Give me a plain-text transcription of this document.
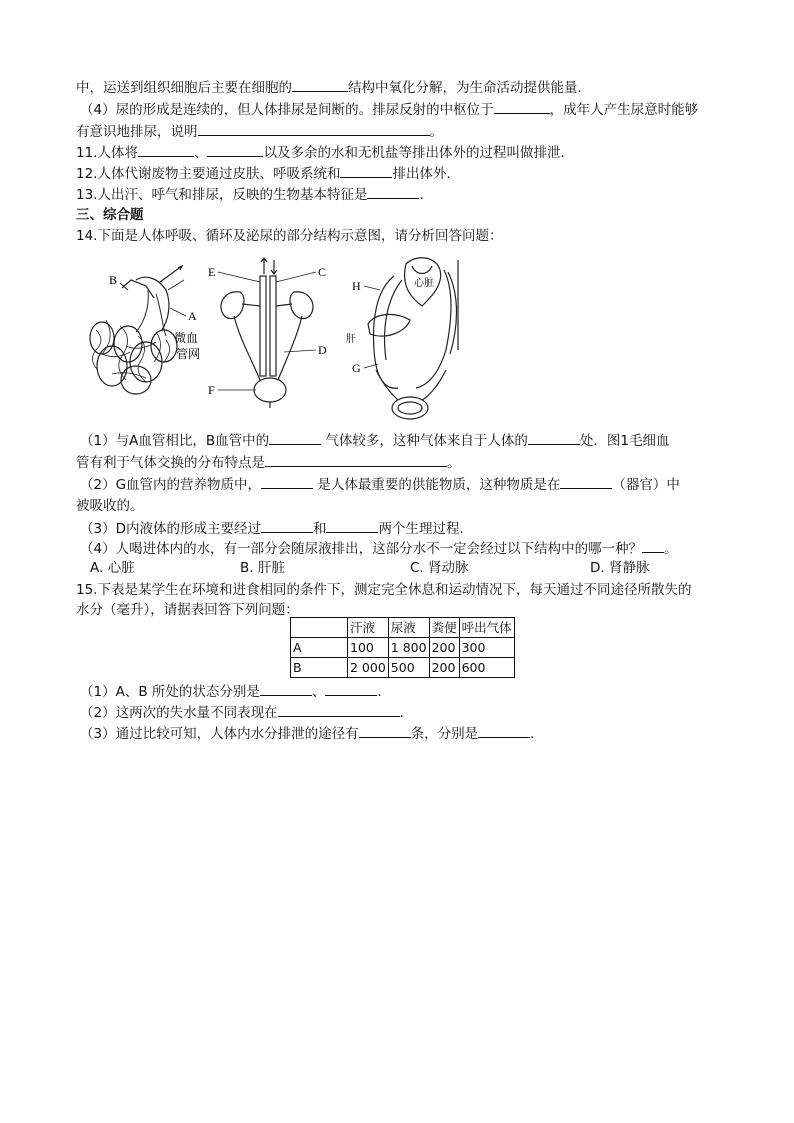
中，运送到组织细胞后主要在细胞的	结构中氧化分解，为生命活动提供能量．
（4）尿的形成是连续的，但人体排尿是间断的。排尿反射的中枢位于	，成年人产生尿意时能够
有意识地排尿，说明	。
11.人体将	、	以及多余的水和无机盐等排出体外的过程叫做排泄．
12.人体代谢废物主要通过皮肤、呼吸系统和	排出体外．
13.人出汗、呼气和排尿，反映的生物基本特征是	．
三、综合题
14.下面是人体呼吸、循环及泌尿的部分结构示意图，请分析回答问题：
B
A
微血
管网
E	C
D
F
心脏
H
肝
G
（1）与A血管相比，B血管中的	气体较多，这种气体来自于人体的	处．图1毛细血
管有利于气体交换的分布特点是	。
（2）G血管内的营养物质中，	是人体最重要的供能物质，这种物质是在	（器官）中
被吸收的。
（3）D内液体的形成主要经过	和	两个生理过程．
（4）人喝进体内的水，有一部分会随尿液排出，这部分水不一定会经过以下结构中的哪一种？ 。
A. 心脏	B. 肝脏	C. 肾动脉	D. 肾静脉
15.下表是某学生在环境和进食相同的条件下，测定完全休息和运动情况下，每天通过不同途径所散失的
水分（毫升），请据表回答下列问题：
	汗液	尿液	粪便	呼出气体
A	100	1 800	200	300
B	2 000	500	200	600
（1）A、B 所处的状态分别是	、	．
（2）这两次的失水量不同表现在	．
（3）通过比较可知，人体内水分排泄的途径有	条，分别是	．
